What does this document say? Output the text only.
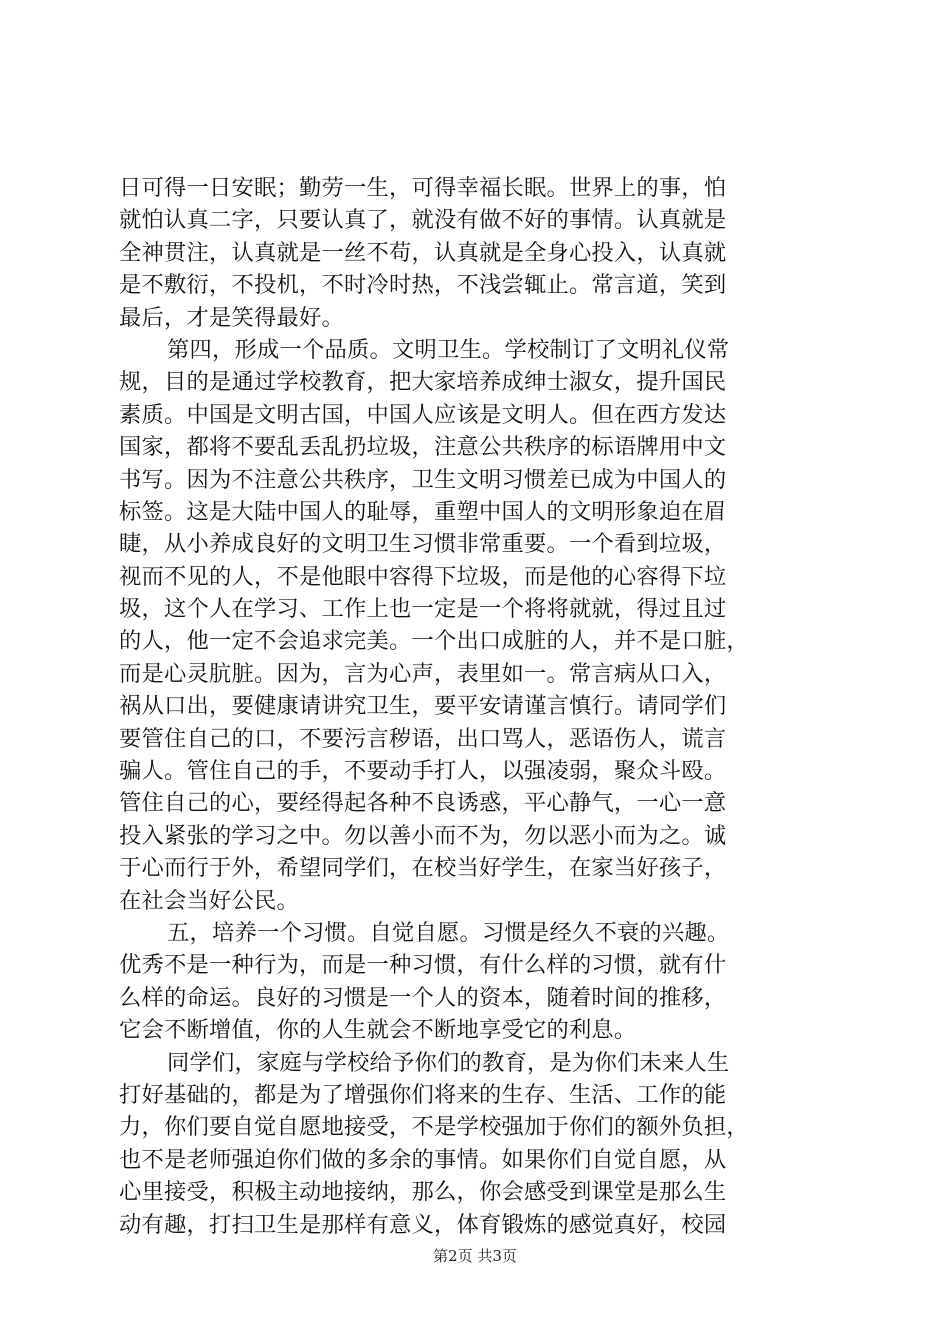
日可得一日安眠；勤劳一生，可得幸福长眠。世界上的事，怕
就怕认真二字，只要认真了，就没有做不好的事情。认真就是
全神贯注，认真就是一丝不苟，认真就是全身心投入，认真就
是不敷衍，不投机，不时冷时热，不浅尝辄止。常言道，笑到
最后，才是笑得最好。
第四，形成一个品质。文明卫生。学校制订了文明礼仪常
规，目的是通过学校教育，把大家培养成绅士淑女，提升国民
素质。中国是文明古国，中国人应该是文明人。但在西方发达
国家，都将不要乱丢乱扔垃圾，注意公共秩序的标语牌用中文
书写。因为不注意公共秩序，卫生文明习惯差已成为中国人的
标签。这是大陆中国人的耻辱，重塑中国人的文明形象迫在眉
睫，从小养成良好的文明卫生习惯非常重要。一个看到垃圾，
视而不见的人，不是他眼中容得下垃圾，而是他的心容得下垃
圾，这个人在学习、工作上也一定是一个将将就就，得过且过
的人，他一定不会追求完美。一个出口成脏的人，并不是口脏，
而是心灵肮脏。因为，言为心声，表里如一。常言病从口入，
祸从口出，要健康请讲究卫生，要平安请谨言慎行。请同学们
要管住自己的口，不要污言秽语，出口骂人，恶语伤人，谎言
骗人。管住自己的手，不要动手打人，以强凌弱，聚众斗殴。
管住自己的心，要经得起各种不良诱惑，平心静气，一心一意
投入紧张的学习之中。勿以善小而不为，勿以恶小而为之。诚
于心而行于外，希望同学们，在校当好学生，在家当好孩子，
在社会当好公民。
五，培养一个习惯。自觉自愿。习惯是经久不衰的兴趣。
优秀不是一种行为，而是一种习惯，有什么样的习惯，就有什
么样的命运。良好的习惯是一个人的资本，随着时间的推移，
它会不断增值，你的人生就会不断地享受它的利息。
同学们，家庭与学校给予你们的教育，是为你们未来人生
打好基础的，都是为了增强你们将来的生存、生活、工作的能
力，你们要自觉自愿地接受，不是学校强加于你们的额外负担，
也不是老师强迫你们做的多余的事情。如果你们自觉自愿，从
心里接受，积极主动地接纳，那么，你会感受到课堂是那么生
动有趣，打扫卫生是那样有意义，体育锻炼的感觉真好，校园
第2页 共3页
